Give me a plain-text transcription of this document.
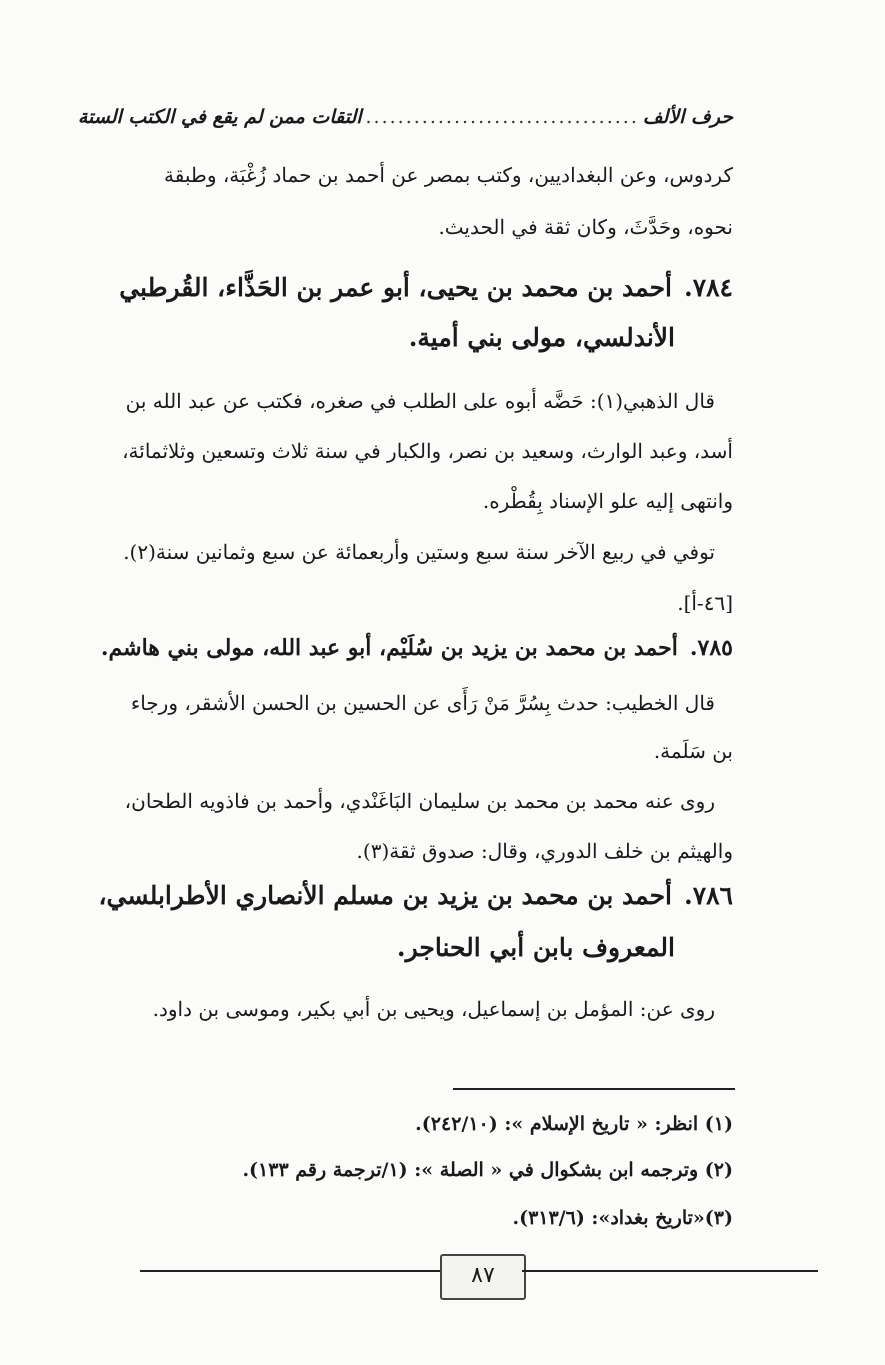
حرف الألف
..................................
التقات ممن لم يقع في الكتب الستة
كردوس، وعن البغداديين، وكتب بمصر عن أحمد بن حماد زُغْبَة، وطبقة
نحوه، وحَدَّثَ، وكان ثقة في الحديث.
٧٨٤.أحمد بن محمد بن يحيى، أبو عمر بن الحَذَّاء، القُرطبي
الأندلسي، مولى بني أمية.
قال الذهبي(١): حَضَّه أبوه على الطلب في صغره، فكتب عن عبد الله بن
أسد، وعبد الوارث، وسعيد بن نصر، والكبار في سنة ثلاث وتسعين وثلاثمائة،
وانتهى إليه علو الإسناد بِقُطْره.
توفي في ربيع الآخر سنة سبع وستين وأربعمائة عن سبع وثمانين سنة(٢).
[٤٦-أ].
٧٨٥.أحمد بن محمد بن يزيد بن سُلَيْم، أبو عبد الله، مولى بني هاشم.
قال الخطيب: حدث بِسُرَّ مَنْ رَأَى عن الحسين بن الحسن الأشقر، ورجاء
بن سَلَمة.
روى عنه محمد بن محمد بن سليمان البَاغَنْدي، وأحمد بن فاذويه الطحان،
والهيثم بن خلف الدوري، وقال: صدوق ثقة(٣).
٧٨٦.أحمد بن محمد بن يزيد بن مسلم الأنصاري الأطرابلسي،
المعروف بابن أبي الحناجر.
روى عن: المؤمل بن إسماعيل، ويحيى بن أبي بكير، وموسى بن داود.
(١) انظر: « تاريخ الإسلام »: (٢٤٢/١٠).
(٢) وترجمه ابن بشكوال في « الصلة »: (١/ترجمة رقم ١٣٣).
(٣)«تاريخ بغداد»: (٣١٣/٦).
٨٧
